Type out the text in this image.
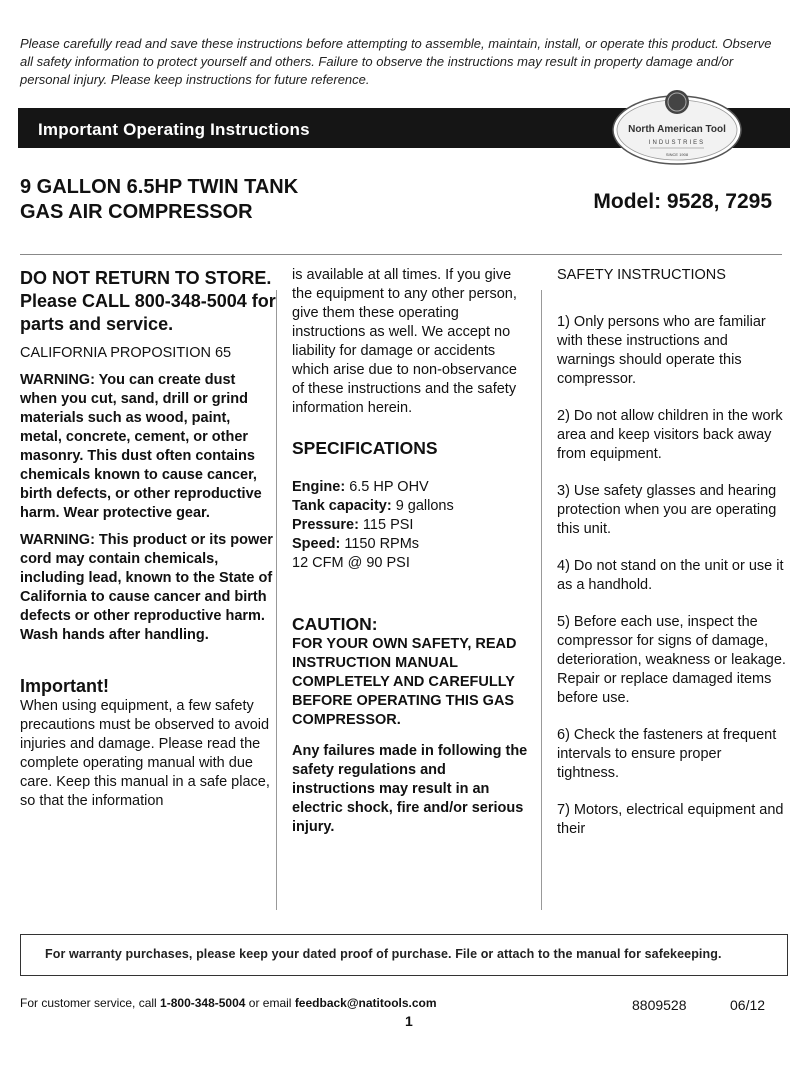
Please carefully read and save these instructions before attempting to assemble, maintain, install, or operate this product. Observe all safety information to protect yourself and others. Failure to observe the instructions may result in property damage and/or personal injury. Please keep instructions for future reference.
Important Operating Instructions	North American Tool
INDUSTRIES
SINCE 1908
9 GALLON 6.5HP TWIN TANK
GAS AIR COMPRESSOR	Model: 9528, 7295
DO NOT RETURN TO STORE. Please CALL 800-348-5004 for parts and service.
CALIFORNIA PROPOSITION 65
WARNING: You can create dust when you cut, sand, drill or grind materials such as wood, paint, metal, concrete, cement, or other masonry. This dust often contains chemicals known to cause cancer, birth defects, or other reproductive harm. Wear protective gear.
WARNING: This product or its power cord may contain chemicals, including lead, known to the State of California to cause cancer and birth defects or other reproductive harm. Wash hands after handling.
Important!
When using equipment, a few safety precautions must be observed to avoid injuries and damage. Please read the complete operating manual with due care. Keep this manual in a safe place, so that the information
is available at all times. If you give the equipment to any other person, give them these operating instructions as well. We accept no liability for damage or accidents which arise due to non-observance of these instructions and the safety information herein.
SPECIFICATIONS
Engine: 6.5 HP OHV
Tank capacity: 9 gallons
Pressure: 115 PSI
Speed: 1150 RPMs
12 CFM @ 90 PSI
CAUTION:
FOR YOUR OWN SAFETY, READ INSTRUCTION MANUAL COMPLETELY AND CAREFULLY BEFORE OPERATING THIS GAS COMPRESSOR.
Any failures made in following the safety regulations and instructions may result in an electric shock, fire and/or serious injury.
SAFETY INSTRUCTIONS
1) Only persons who are familiar with these instructions and warnings should operate this compressor.
2) Do not allow children in the work area and keep visitors back away from equipment.
3) Use safety glasses and hearing protection when you are operating this unit.
4) Do not stand on the unit or use it as a handhold.
5) Before each use, inspect the compressor for signs of damage, deterioration, weakness or leakage. Repair or replace damaged items before use.
6) Check the fasteners at frequent intervals to ensure proper tightness.
7) Motors, electrical equipment and their
For warranty purchases, please keep your dated proof of purchase. File or attach to the manual for safekeeping.
For customer service, call 1-800-348-5004 or email feedback@natitools.com	8809528	06/12
1
